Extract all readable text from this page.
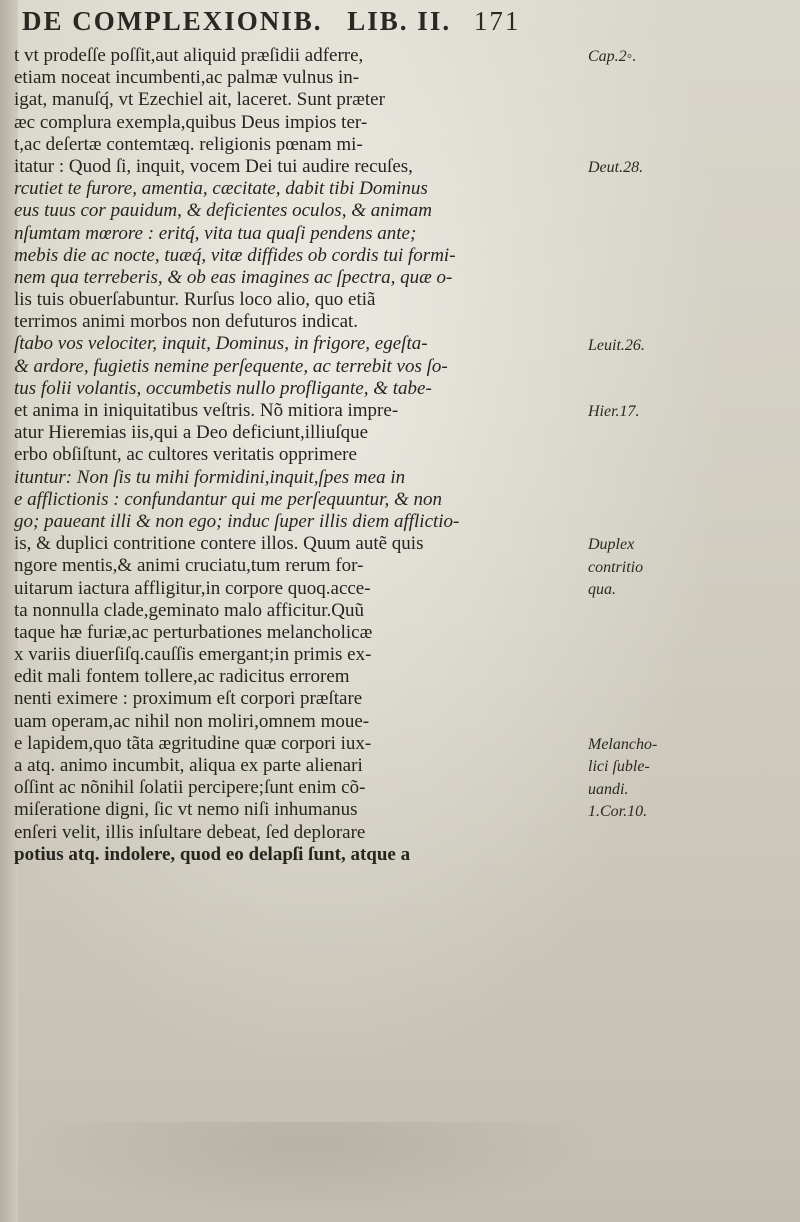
DE COMPLEXIONIB. LIB. II. 171
t vt prodeſſe poſſit,aut aliquid præſidii adferre,
etiam noceat incumbenti,ac palmæ vulnus in-
igat, manuſq́, vt Ezechiel ait, laceret. Sunt præter
æc complura exempla,quibus Deus impios ter-
t,ac deſertæ contemtæq. religionis pœnam mi-
itatur : Quod ſi, inquit, vocem Dei tui audire recuſes,
rcutiet te furore, amentia, cæcitate, dabit tibi Dominus
eus tuus cor pauidum, & deficientes oculos, & animam
nſumtam mœrore : eritq́, vita tua quaſi pendens ante;
mebis die ac nocte, tuæq́, vitæ diffides ob cordis tui formi-
nem qua terreberis, & ob eas imagines ac ſpectra, quæ o-
lis tuis obuerſabuntur. Rurſus loco alio, quo etiã
terrimos animi morbos non defuturos indicat.
ſtabo vos velociter, inquit, Dominus, in frigore, egeſta-
& ardore, fugietis nemine perſequente, ac terrebit vos ſo-
tus folii volantis, occumbetis nullo profligante, & tabe-
et anima in iniquitatibus veſtris. Nõ mitiora impre-
atur Hieremias iis,qui a Deo deficiunt,illiuſque
erbo obſiſtunt, ac cultores veritatis opprimere
ituntur: Non ſis tu mihi formidini,inquit,ſpes mea in
e afflictionis : confundantur qui me perſequuntur, & non
go; paueant illi & non ego; induc ſuper illis diem afflictio-
is, & duplici contritione contere illos. Quum autẽ quis
ngore mentis,& animi cruciatu,tum rerum for-
uitarum iactura affligitur,in corpore quoq.acce-
ta nonnulla clade,geminato malo afficitur.Quũ
taque hæ furiæ,ac perturbationes melancholicæ
x variis diuerſiſq.cauſſis emergant;in primis ex-
edit mali fontem tollere,ac radicitus errorem
nenti eximere : proximum eſt corpori præſtare
uam operam,ac nihil non moliri,omnem moue-
e lapidem,quo tãta ægritudine quæ corpori iux-
a atq. animo incumbit, aliqua ex parte alienari
oſſint ac nõnihil ſolatii percipere;ſunt enim cõ-
miſeratione digni, ſic vt nemo niſi inhumanus
enſeri velit, illis inſultare debeat, ſed deplorare
potius atq. indolere, quod eo delapſi ſunt, atque a
Cap.2◦.
Deut.28.
Leuit.26.
Hier.17.
Duplex
contritio
qua.
Melancho-
lici ſuble-
uandi.
1.Cor.10.
